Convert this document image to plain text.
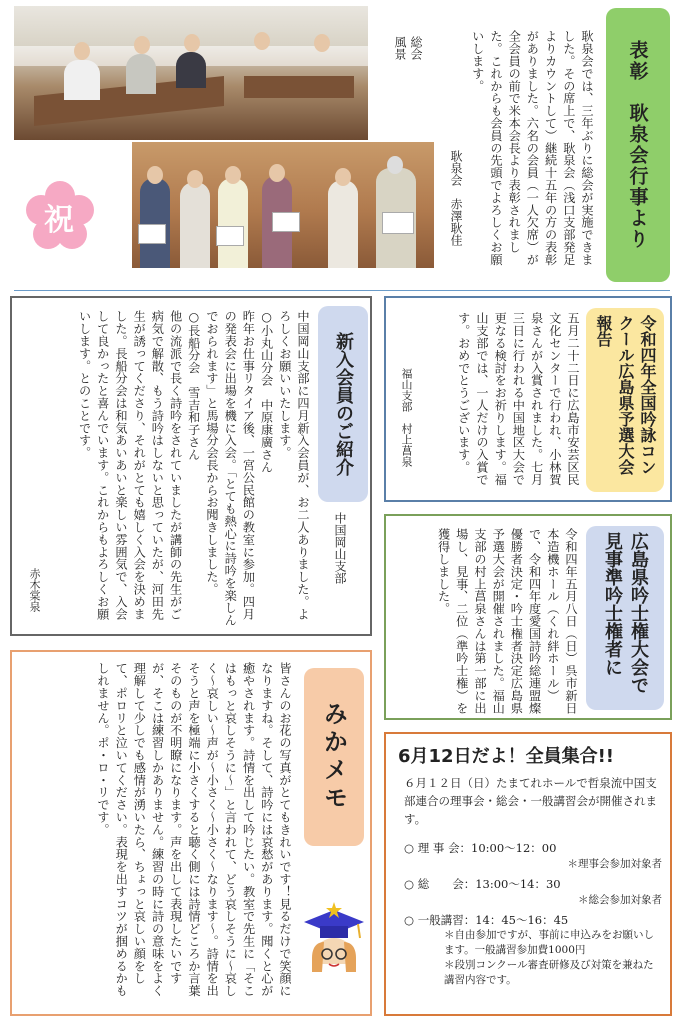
総会
風景
祝	耿泉会では、三年ぶりに総会が実施できました。その席上で、耿泉会（浅口支部発足よりカウントして）継続十五年の方の表彰がありました。六名の会員（一人欠席）が全会員の前で米本会長より表彰されました。これからも会員の先頭でよろしくお願いします。
耿泉会　赤澤耿佳	表彰　耿泉会行事より
中国岡山支部に四月新入会員が、お二人ありました。よろしくお願いいたします。
○小丸山分会　中原康廣さん
昨年お仕事リタイア後、一宮公民館の教室に参加。四月の発表会に出場を機に入会。「とても熱心に詩吟を楽しんでおられます」と馬場分会長からお聞きしました。
○長船分会　雪吉和子さん
他の流派で長く詩吟をされていましたが講師の先生がご病気で解散、もう詩吟はしないと思っていたが、河田先生が誘ってくださり、それがとても嬉しく入会を決めました。長船分会は和気あいあいと楽しい雰囲気で、入会して良かったと喜んでいます。これからもよろしくお願いします。とのことです。
赤木棠泉
新入会員のご紹介
中国岡山支部
五月二十二日に広島市安芸区民文化センターで行われ、小林賀泉さんが入賞されました。七月三日に行われる中国地区大会で更なる検討をお祈りします。福山支部では、一人だけの入賞です。おめでとうございます。
福山支部　村上菖泉	令和四年全国吟詠コンクール広島県予選大会報告
令和四年五月八日（日）呉市新日本造機ホール（くれ絆ホール）で、令和四年度愛国詩吟総連盟燦優勝者決定・吟士権者決定広島県予選大会が開催されました。福山支部の村上菖泉さんは第一部に出場し、見事、二位（準吟士権）を獲得しました。	広島県吟士権大会で見事準吟士権者に
皆さんのお花の写真がとてもきれいです！見るだけで笑顔になりますね。そして、詩吟には哀愁があります。聞くと心が癒やされます。詩情を出して吟じたい。教室で先生に「そこはもっと哀しそうに〜」と言われて、どう哀しそうに〜哀しく〜哀しい〜声が〜小さく〜小さく〜なります〜。詩情を出そうと声を極端に小さくすると聴く側には詩情どころか言葉そのものが不明瞭になります。声を出して表現したいですが、そこは練習しかありません。練習の時に詩の意味をよく理解して少しでも感情が湧いたら、ちょっと哀しい顔をして、ポロリと泣いてください。表現を出すコツが掴めるかもしれません。ポ・ロ・リです。	みかメモ	6月12日だよ！全員集合!!
６月１２日（日）たまてれホールで哲泉流中国支部連合の理事会・総会・一般講習会が開催されます。
○ 理 事 会：10:00〜12：00
＊理事会参加対象者
○ 総　　会：13:00〜14：30
＊総会参加対象者
○ 一般講習：14：45〜16：45
＊自由参加ですが、事前に申込みをお願いします。一般講習参加費1000円
＊段別コンクール審査研修及び対策を兼ねた講習内容です。
